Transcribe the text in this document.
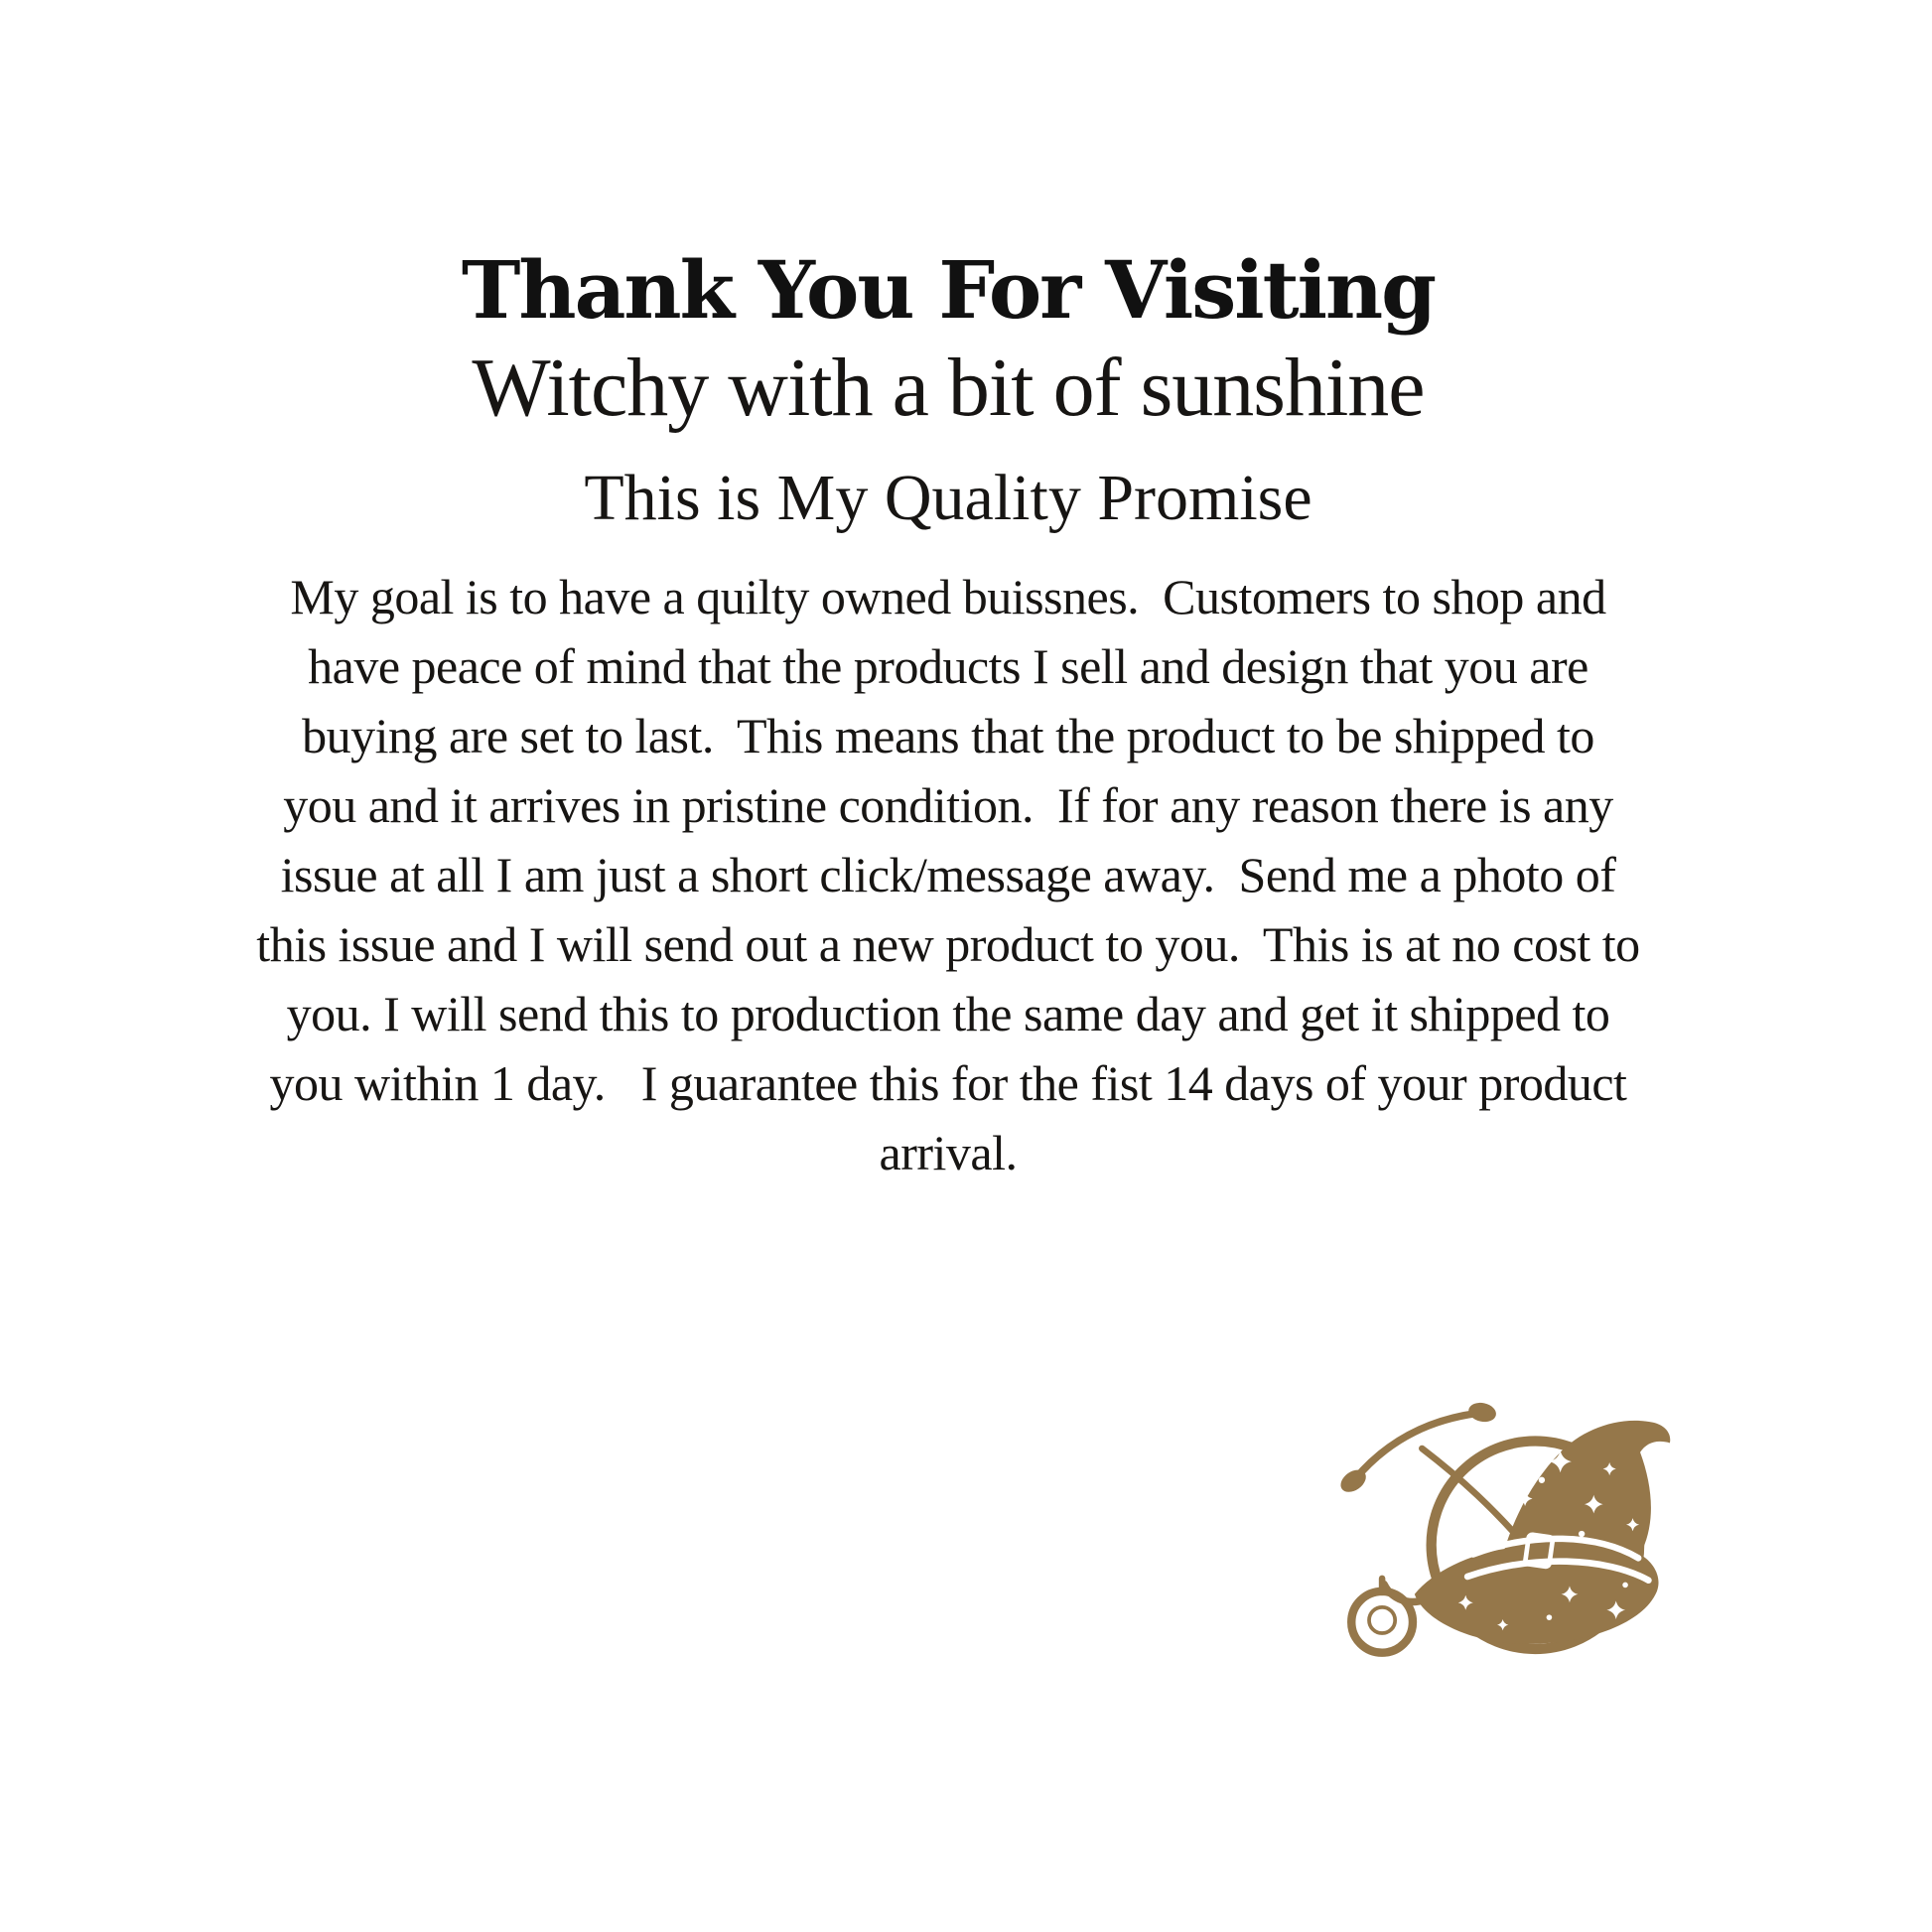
Thank You For Visiting
Witchy with a bit of sunshine
This is My Quality Promise
My goal is to have a quilty owned buissnes.  Customers to shop and
have peace of mind that the products I sell and design that you are
buying are set to last.  This means that the product to be shipped to
you and it arrives in pristine condition.  If for any reason there is any
issue at all I am just a short click/message away.  Send me a photo of
this issue and I will send out a new product to you.  This is at no cost to
you. I will send this to production the same day and get it shipped to
you within 1 day.   I guarantee this for the fist 14 days of your product
arrival.
